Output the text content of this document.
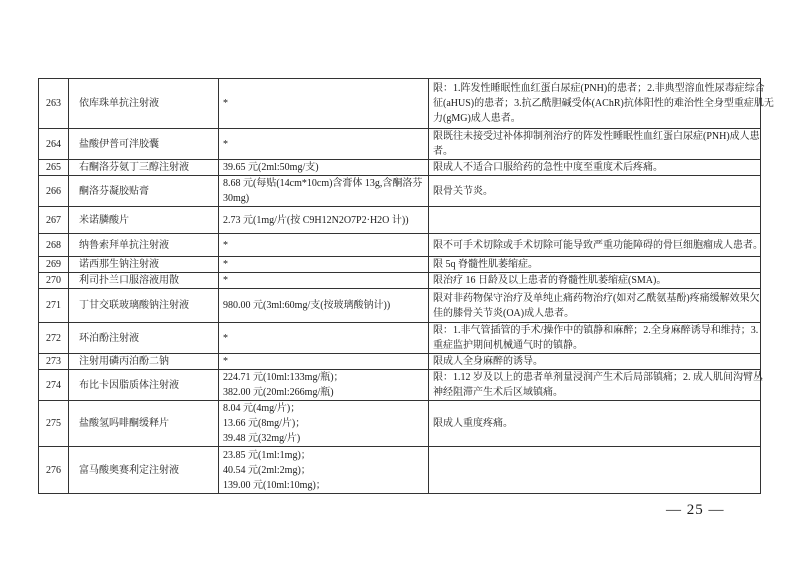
263	依库珠单抗注射液	*	限：1.阵发性睡眠性血红蛋白尿症(PNH)的患者；2.非典型溶血性尿毒症综合
征(aHUS)的患者；3.抗乙酰胆碱受体(AChR)抗体阳性的难治性全身型重症肌无
力(gMG)成人患者。

264	盐酸伊普可泮胶囊	*	限既往未接受过补体抑制剂治疗的阵发性睡眠性血红蛋白尿症(PNH)成人患
者。

265	右酮洛芬氨丁三醇注射液	39.65 元(2ml:50mg/支)	限成人不适合口服给药的急性中度至重度术后疼痛。

266	酮洛芬凝胶贴膏	8.68 元(每贴(14cm*10cm)含膏体 13g,含酮洛芬
30mg)	限骨关节炎。

267	米诺膦酸片	2.73 元(1mg/片(按 C9H12N2O7P2·H2O 计))	

268	纳鲁索拜单抗注射液	*	限不可手术切除或手术切除可能导致严重功能障碍的骨巨细胞瘤成人患者。

269	诺西那生钠注射液	*	限 5q 脊髓性肌萎缩症。

270	利司扑兰口服溶液用散	*	限治疗 16 日龄及以上患者的脊髓性肌萎缩症(SMA)。

271	丁甘交联玻璃酸钠注射液	980.00 元(3ml:60mg/支(按玻璃酸钠计))	限对非药物保守治疗及单纯止痛药物治疗(如对乙酰氨基酚)疼痛缓解效果欠
佳的膝骨关节炎(OA)成人患者。

272	环泊酚注射液	*	限：1.非气管插管的手术/操作中的镇静和麻醉；2.全身麻醉诱导和维持；3.
重症监护期间机械通气时的镇静。

273	注射用磷丙泊酚二钠	*	限成人全身麻醉的诱导。

274	布比卡因脂质体注射液	224.71 元(10ml:133mg/瓶)；
382.00 元(20ml:266mg/瓶)	限：1.12 岁及以上的患者单剂量浸润产生术后局部镇痛；2. 成人肌间沟臂丛
神经阻滞产生术后区域镇痛。

275	盐酸氢吗啡酮缓释片	8.04 元(4mg/片)；
13.66 元(8mg/片)；
39.48 元(32mg/片)	限成人重度疼痛。

276	富马酸奥赛利定注射液	23.85 元(1ml:1mg)；
40.54 元(2ml:2mg)；
139.00 元(10ml:10mg)；	

— 25 —
